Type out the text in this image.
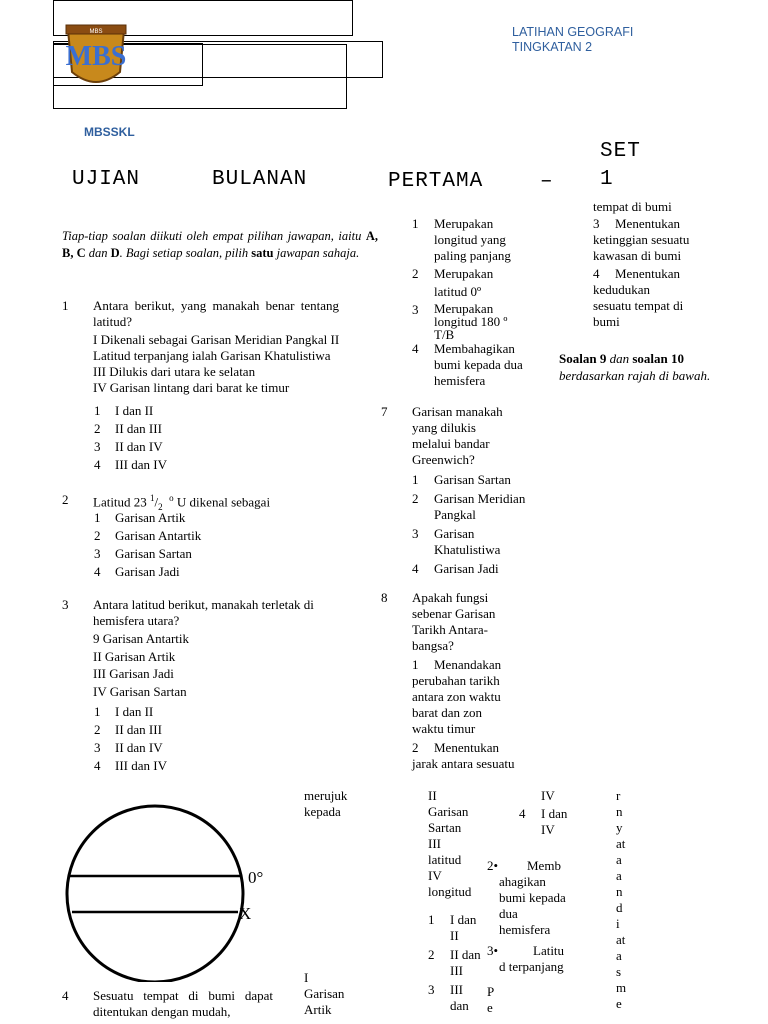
MBS
MBS
LATIHAN GEOGRAFI
TINGKATAN 2
MBSSKL
UJIAN	BULANAN	PERTAMA	–
SET
1
Tiap-tiap soalan diikuti oleh empat pilihan jawapan, iaitu A, B, C dan D. Bagi setiap soalan, pilih satu jawapan sahaja.
1 Antara berikut, yang manakah benar tentang latitud?
I Dikenali sebagai Garisan Meridian Pangkal II
Latitud terpanjang ialah Garisan Khatulistiwa
III Dilukis dari utara ke selatan
IV Garisan lintang dari barat ke timur
1 I dan II
2 II dan III
3 II dan IV
4 III dan IV
2 Latitud 23 $^1/_2$  $^o$ U dikenal sebagai
1 Garisan Artik
2 Garisan Antartik
3 Garisan Sartan
4 Garisan Jadi
3 Antara latitud berikut, manakah terletak di hemisfera utara?
9 Garisan Antartik
II Garisan Artik
III Garisan Jadi
IV Garisan Sartan
1 I dan II
2 II dan III
3 II dan IV
4 III dan IV
4 Sesuatu tempat di bumi dapat ditentukan dengan mudah,
0°
X
1	Merupakan
longitud yang
paling panjang
2	Merupakan
latitud 0º
3	Merupakan
longitud 180 º
T/B
4	Membahagikan
bumi kepada dua
hemisfera
7 Garisan manakah
yang dilukis
melalui bandar
Greenwich?
1	Garisan Sartan
2	Garisan Meridian
Pangkal
3	Garisan
Khatulistiwa
4	Garisan Jadi
8 Apakah fungsi
sebenar Garisan
Tarikh Antara-
bangsa?
1	Menandakan
perubahan tarikh
antara zon waktu
barat dan zon
waktu timur
2	Menentukan
jarak antara sesuatu
tempat di bumi
3	Menentukan
ketinggian sesuatu
kawasan di bumi
4	Menentukan
kedudukan
sesuatu tempat di
bumi
Soalan 9 dan soalan 10
berdasarkan rajah di bawah.
merujuk
kepada
I
Garisan
Artik
II
Garisan
Sartan
III
latitud
IV
longitud
1	I dan
II
2	II dan
III
3	III
dan
IV
4	I dan
IV
2• Memb
ahagikan
bumi kepada
dua
hemisfera
3•	Latitu
d terpanjang
P
e
r
n
y
at
a
a
n
d
i
at
a
s
m
e
